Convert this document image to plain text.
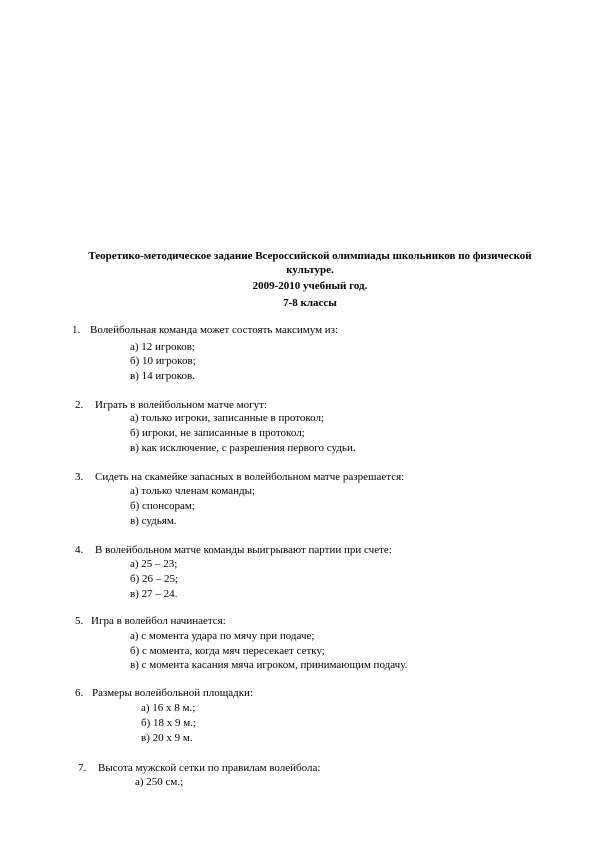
Теоретико-методическое задание Всероссийской олимпиады школьников по физической
культуре.
2009-2010 учебный год.
7-8 классы
1. Волейбольная команда может состоять максимум из:
а) 12 игроков;
б) 10 игроков;
в) 14 игроков.
2. Играть в волейбольном матче могут:
а) только игроки, записанные в протокол;
б) игроки, не записанные в протокол;
в) как исключение, с разрешения первого судьи.
3. Сидеть на скамейке запасных в волейбольном матче разрешается:
а) только членам команды;
б) спонсорам;
в) судьям.
4. В волейбольном матче команды выигрывают партии при счете:
а) 25 – 23;
б) 26 – 25;
в) 27 – 24.
5. Игра в волейбол начинается:
а) с момента удара по мячу при подаче;
б) с момента, когда мяч пересекает сетку;
в) с момента касания мяча игроком, принимающим подачу.
6. Размеры волейбольной площадки:
а) 16 х 8 м.;
б) 18 х 9 м.;
в) 20 х 9 м.
7. Высота мужской сетки по правилам волейбола:
а) 250 см.;
